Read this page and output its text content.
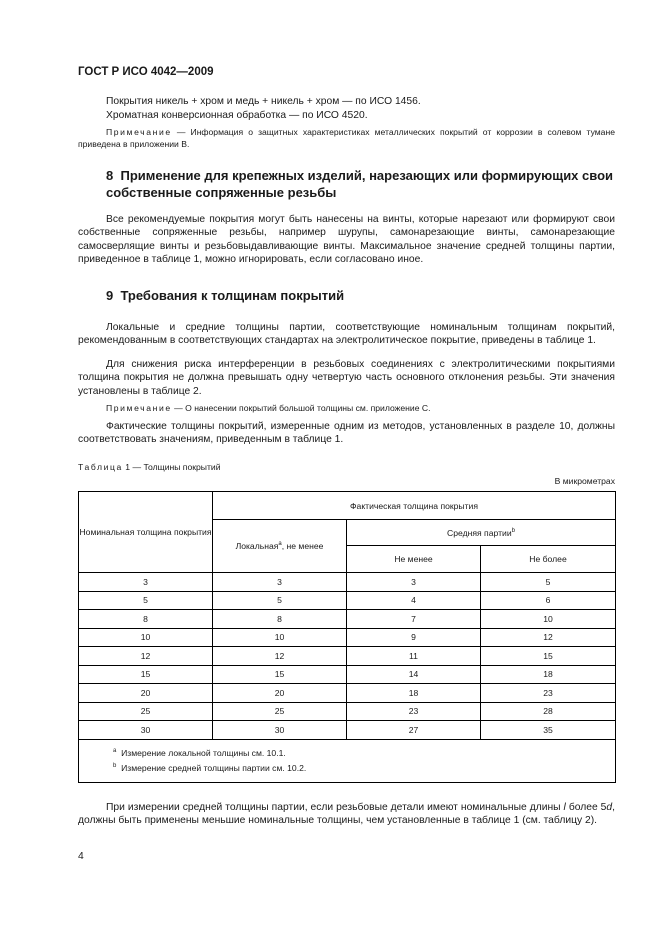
ГОСТ Р ИСО 4042—2009
Покрытия никель + хром и медь + никель + хром — по ИСО 1456.
Хроматная конверсионная обработка — по ИСО 4520.
Примечание — Информация о защитных характеристиках металлических покрытий от коррозии в солевом тумане приведена в приложении В.
8 Применение для крепежных изделий, нарезающих или формирующих свои собственные сопряженные резьбы
Все рекомендуемые покрытия могут быть нанесены на винты, которые нарезают или формируют свои собственные сопряженные резьбы, например шурупы, самонарезающие винты, самонарезающие самосверлящие винты и резьбовыдавливающие винты. Максимальное значение средней толщины партии, приведенное в таблице 1, можно игнорировать, если согласовано иное.
9 Требования к толщинам покрытий
Локальные и средние толщины партии, соответствующие номинальным толщинам покрытий, рекомендованным в соответствующих стандартах на электролитическое покрытие, приведены в таблице 1.
Для снижения риска интерференции в резьбовых соединениях с электролитическими покрытиями толщина покрытия не должна превышать одну четвертую часть основного отклонения резьбы. Эти значения установлены в таблице 2.
Примечание — О нанесении покрытий большой толщины см. приложение С.
Фактические толщины покрытий, измеренные одним из методов, установленных в разделе 10, должны соответствовать значениям, приведенным в таблице 1.
Таблица 1 — Толщины покрытий
В микрометрах
Номинальная толщина покрытия	Фактическая толщина покрытия		
	Локальная$^а$, не менее	Средняя партии$^b$
		Не менее	Не более
3	3	3	5
5	5	4	6
8	8	7	10
10	10	9	12
12	12	11	15
15	15	14	18
20	20	18	23
25	25	23	28
30	30	27	35

$^a$ Измерение локальной толщины см. 10.1.
$^b$ Измерение средней толщины партии см. 10.2.			
При измерении средней толщины партии, если резьбовые детали имеют номинальные длины l более 5d, должны быть применены меньшие номинальные толщины, чем установленные в таблице 1 (см. таблицу 2).
4
